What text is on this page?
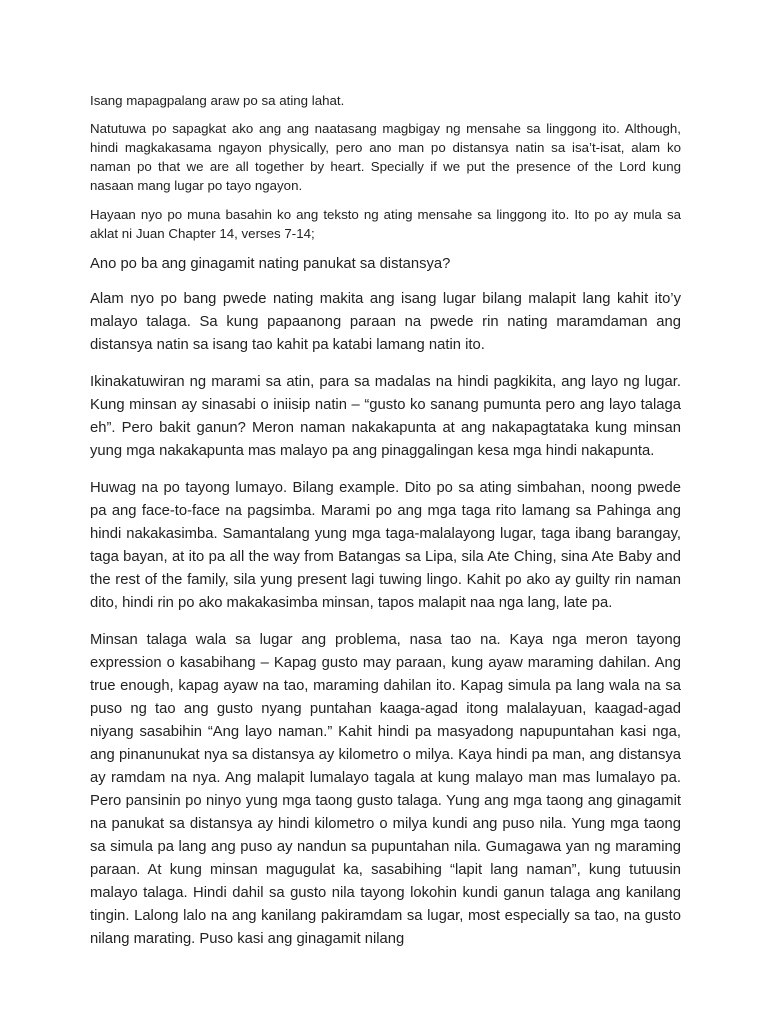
Isang mapagpalang araw po sa ating lahat.

Natutuwa po sapagkat ako ang ang naatasang magbigay ng mensahe sa linggong ito. Although, hindi magkakasama ngayon physically, pero ano man po distansya natin sa isa’t-isat, alam ko naman po that we are all together by heart. Specially if we put the presence of the Lord kung nasaan mang lugar po tayo ngayon.

Hayaan nyo po muna basahin ko ang teksto ng ating mensahe sa linggong ito. Ito po ay mula sa aklat ni Juan Chapter 14, verses 7-14;

Ano po ba ang ginagamit nating panukat sa distansya?

Alam nyo po bang pwede nating makita ang isang lugar bilang malapit lang kahit ito’y malayo talaga. Sa kung papaanong paraan na pwede rin nating maramdaman ang distansya natin sa isang tao kahit pa katabi lamang natin ito.

Ikinakatuwiran ng marami sa atin, para sa madalas na hindi pagkikita, ang layo ng lugar. Kung minsan ay sinasabi o iniisip natin – “gusto ko sanang pumunta pero ang layo talaga eh”. Pero bakit ganun? Meron naman nakakapunta at ang nakapagtataka kung minsan yung mga nakakapunta mas malayo pa ang pinaggalingan kesa mga hindi nakapunta.

Huwag na po tayong lumayo. Bilang example. Dito po sa ating simbahan, noong pwede pa ang face-to-face na pagsimba. Marami po ang mga taga rito lamang sa Pahinga ang hindi nakakasimba. Samantalang yung mga taga-malalayong lugar, taga ibang barangay, taga bayan, at ito pa all the way from Batangas sa Lipa, sila Ate Ching, sina Ate Baby and the rest of the family, sila yung present lagi tuwing lingo. Kahit po ako ay guilty rin naman dito, hindi rin po ako makakasimba minsan, tapos malapit naa nga lang, late pa.

Minsan talaga wala sa lugar ang problema, nasa tao na. Kaya nga meron tayong expression o kasabihang – Kapag gusto may paraan, kung ayaw maraming dahilan. Ang true enough, kapag ayaw na tao, maraming dahilan ito. Kapag simula pa lang wala na sa puso ng tao ang gusto nyang puntahan kaaga-agad itong malalayuan, kaagad-agad niyang sasabihin “Ang layo naman.” Kahit hindi pa masyadong napupuntahan kasi nga, ang pinanunukat nya sa distansya ay kilometro o milya. Kaya hindi pa man, ang distansya ay ramdam na nya. Ang malapit lumalayo tagala at kung malayo man mas lumalayo pa. Pero pansinin po ninyo yung mga taong gusto talaga. Yung ang mga taong ang ginagamit na panukat sa distansya ay hindi kilometro o milya kundi ang puso nila. Yung mga taong sa simula pa lang ang puso ay nandun sa pupuntahan nila. Gumagawa yan ng maraming paraan. At kung minsan magugulat ka, sasabihing “lapit lang naman”, kung tutuusin malayo talaga. Hindi dahil sa gusto nila tayong lokohin kundi ganun talaga ang kanilang tingin. Lalong lalo na ang kanilang pakiramdam sa lugar, most especially sa tao, na gusto nilang marating. Puso kasi ang ginagamit nilang
